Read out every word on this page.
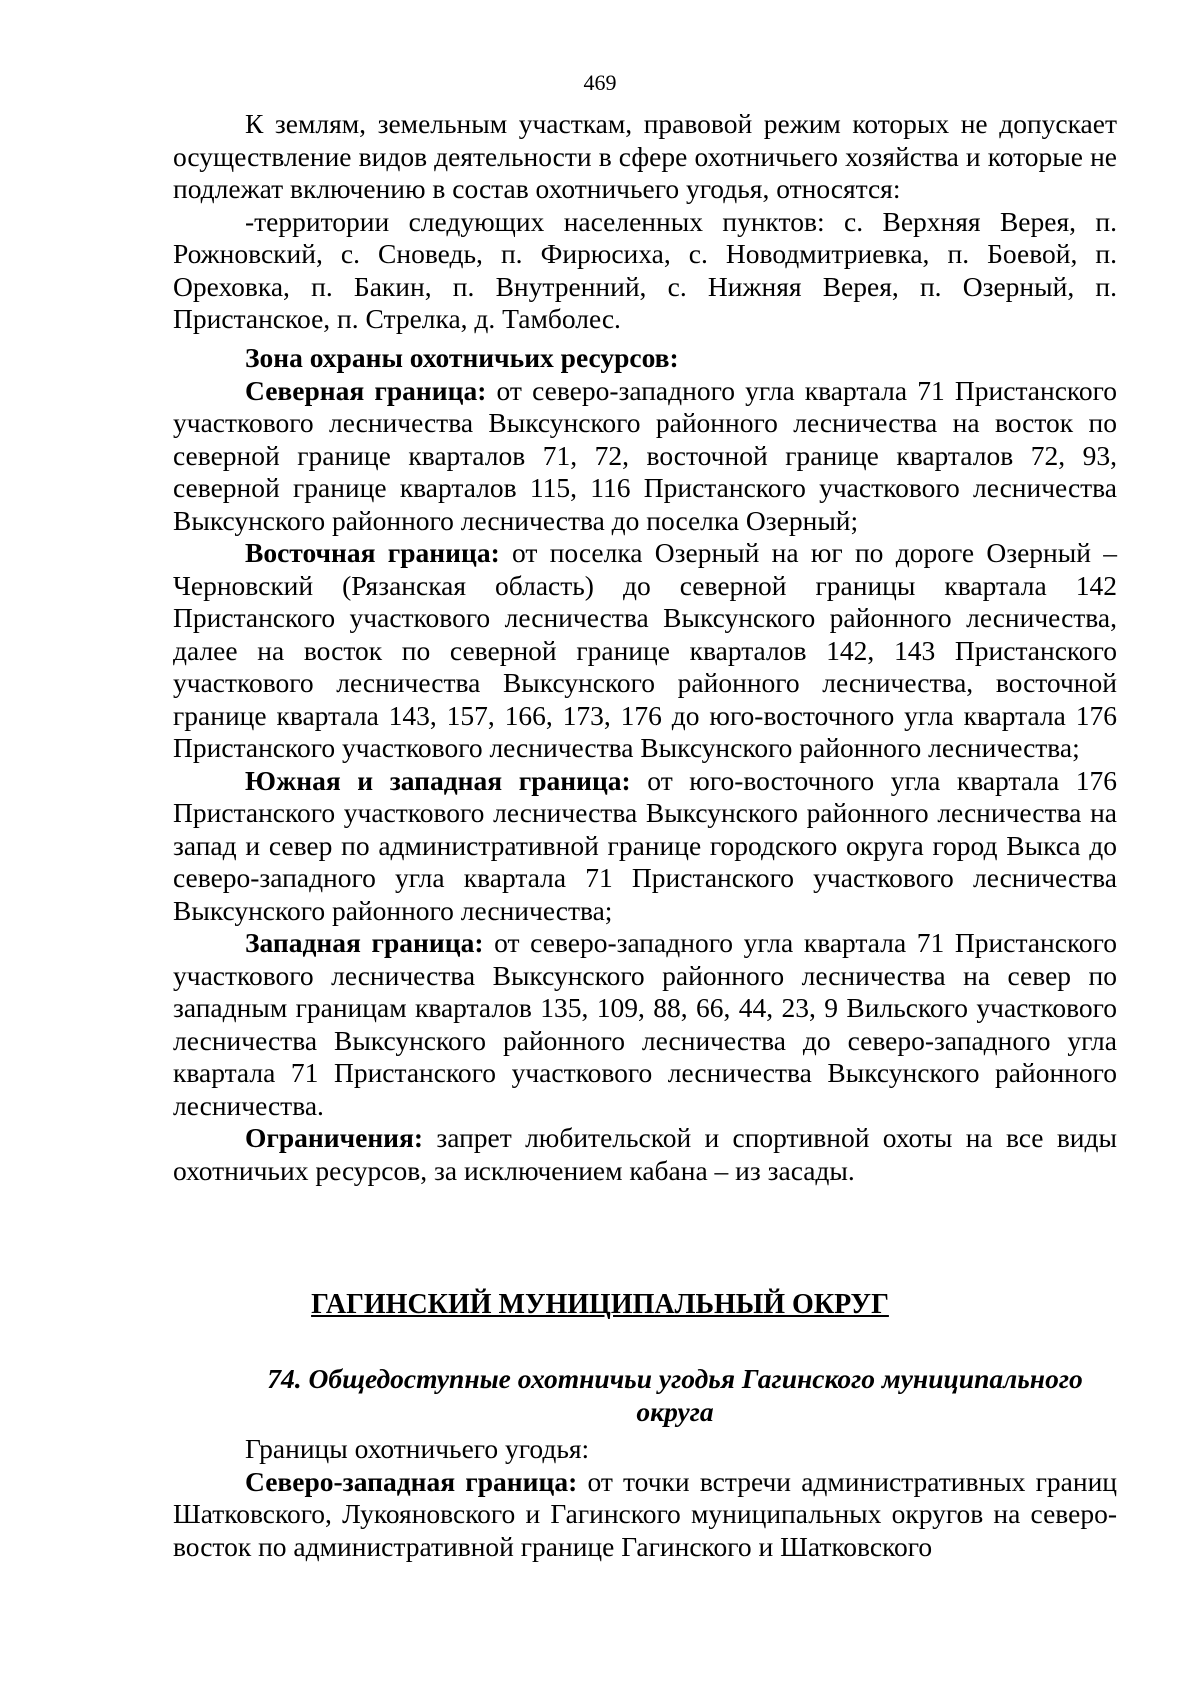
469

К землям, земельным участкам, правовой режим которых не допускает осуществление видов деятельности в сфере охотничьего хозяйства и которые не подлежат включению в состав охотничьего угодья, относятся:

-территории следующих населенных пунктов: с. Верхняя Верея, п. Рожновский, с. Сноведь, п. Фирюсиха, с. Новодмитриевка, п. Боевой, п. Ореховка, п. Бакин, п. Внутренний, с. Нижняя Верея, п. Озерный, п. Пристанское, п. Стрелка, д. Тамболес.

Зона охраны охотничьих ресурсов:

Северная граница: от северо-западного угла квартала 71 Пристанского участкового лесничества Выксунского районного лесничества на восток по северной границе кварталов 71, 72, восточной границе кварталов 72, 93, северной границе кварталов 115, 116 Пристанского участкового лесничества Выксунского районного лесничества до поселка Озерный;

Восточная граница: от поселка Озерный на юг по дороге Озерный – Черновский (Рязанская область) до северной границы квартала 142 Пристанского участкового лесничества Выксунского районного лесничества, далее на восток по северной границе кварталов 142, 143 Пристанского участкового лесничества Выксунского районного лесничества, восточной границе квартала 143, 157, 166, 173, 176 до юго-восточного угла квартала 176 Пристанского участкового лесничества Выксунского районного лесничества;

Южная и западная граница: от юго-восточного угла квартала 176 Пристанского участкового лесничества Выксунского районного лесничества на запад и север по административной границе городского округа город Выкса до северо-западного угла квартала 71 Пристанского участкового лесничества Выксунского районного лесничества;

Западная граница: от северо-западного угла квартала 71 Пристанского участкового лесничества Выксунского районного лесничества на север по западным границам кварталов 135, 109, 88, 66, 44, 23, 9 Вильского участкового лесничества Выксунского районного лесничества до северо-западного угла квартала 71 Пристанского участкового лесничества Выксунского районного лесничества.

Ограничения: запрет любительской и спортивной охоты на все виды охотничьих ресурсов, за исключением кабана – из засады.

ГАГИНСКИЙ МУНИЦИПАЛЬНЫЙ ОКРУГ

74. Общедоступные охотничьи угодья Гагинского муниципального округа

Границы охотничьего угодья:

Северо-западная граница: от точки встречи административных границ Шатковского, Лукояновского и Гагинского муниципальных округов на северо-восток по административной границе Гагинского и Шатковского
